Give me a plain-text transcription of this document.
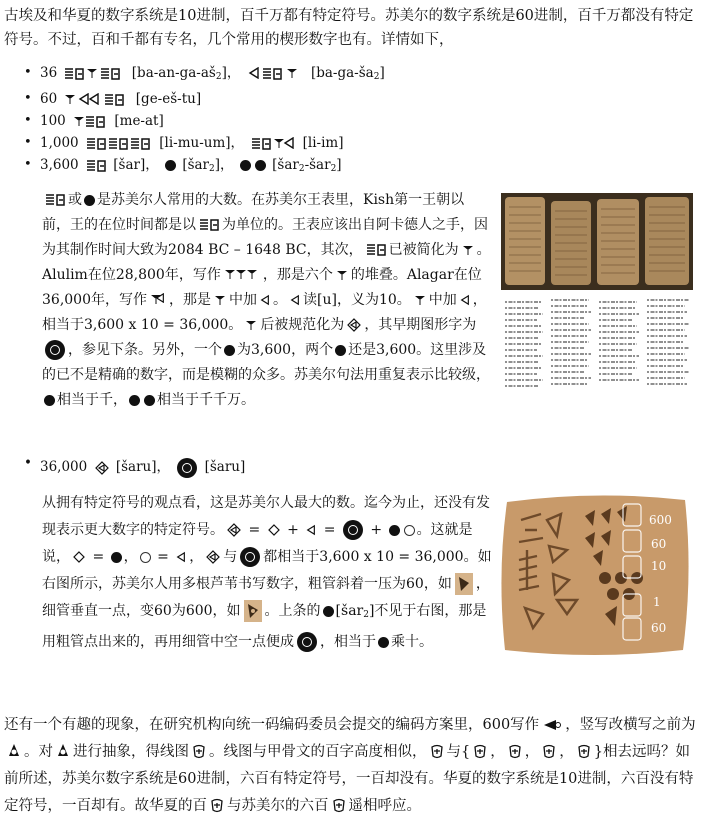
古埃及和华夏的数字系统是10进制，百千万都有特定符号。苏美尔的数字系统是60进制，百千万都没有特定符号。不过，百和千都有专名，几个常用的楔形数字也有。详情如下，

• 36	$[ba-an-ga-aš_2]$，	$[ba-ga-ša_2]$
• 60	[ge-eš-tu]
• 100	[me-at]
• 1,000	[li-mu-um]，	[li-im]
• 3,600	[šar]， [šar$_2$]，	[šar$_2$-šar$_2$]
或 是苏美尔人常用的大数。在苏美尔王表里，Kish第一王朝以前，王的在位时间都是以 为单位的。王表应该出自阿卡德人之手，因为其制作时间大致为2084 BC – 1648 BC，其次， 已被简化为 。Alulim在位28,800年，写作	，那是六个 的堆叠。Alagar在位36,000年，写作 ，那是 中加 。 读[u]，义为10。 中加 ，相当于3,600 x 10 = 36,000。 后被规范化为 ，其早期图形字为，参见下条。另外，一个 为3,600，两个 还是3,600。这里涉及的已不是精确的数字，而是模糊的众多。苏美尔句法用重复表示比较级，相当于千， 相当于千千万。
• 36,000 [šaru]，	[šaru]
从拥有特定符号的观点看，这是苏美尔人最大的数。迄今为止，还没有发现表示更大数字的特定符号。 =  +  =  + 。这就是说， = ， = ， 与 都相当于3,600 x 10 = 36,000。如右图所示，苏美尔人用多根芦苇书写数字，粗管斜着一压为60，如 ，细管垂直一点，变60为600，如 。上条的 [šar$_2$]不见于右图，那是用粗管点出来的，再用细管中空一点便成 ，相当于 乘十。
600
60
10
1
60
还有一个有趣的现象，在研究机构向统一码编码委员会提交的编码方案里，600写作 ，竖写改横写之前为。对 进行抽象，得线图 。线图与甲骨文的百字高度相似， 与{ ， ， ， }相去远吗？如前所述，苏美尔数字系统是60进制，六百有特定符号，一百却没有。华夏的数字系统是10进制，六百没有特定符号，一百却有。故华夏的百 与苏美尔的六百 遥相呼应。
